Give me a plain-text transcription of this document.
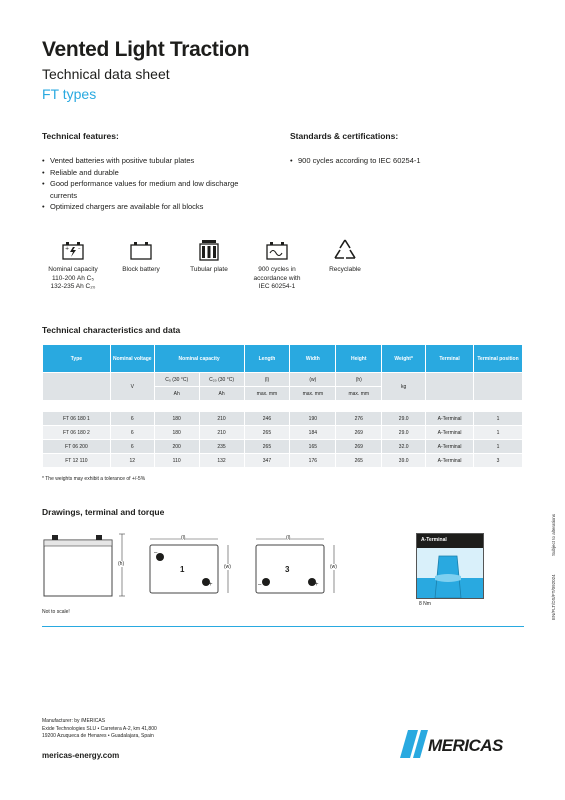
Vented Light Traction
Technical data sheet
FT types
Technical features:
• Vented batteries with positive tubular plates
• Reliable and durable
• Good performance values for medium and low discharge currents
• Optimized chargers are available for all blocks
Standards & certifications:
• 900 cycles according to IEC 60254-1
+ –
Nominal capacity
110-200 Ah C₅
132-235 Ah C₂₀
Block battery	Tubular plate	900 cycles in
accordance with
IEC 60254-1
Recyclable
Technical characteristics and data
Type	Nominal voltage	Nominal capacity		Length	Width	Height	Weight*	Terminal	Terminal position
	V	C₅ (30 °C)	C₂₀ (30 °C)	(l)	(w)	(h)	kg		
		Ah	Ah	max. mm	max. mm	max. mm			

FT 06 180 1	6	180	210	246	190	276	29.0	A-Terminal	1
FT 06 180 2	6	180	210	265	184	269	29.0	A-Terminal	1
FT 06 200	6	200	235	265	165	269	32.0	A-Terminal	1
FT 12 110	12	110	132	347	176	265	39.0	A-Terminal	3
* The weights may exhibit a tolerance of +/-5%
Drawings, terminal and torque
(h)
(l)
(w)
1
–
+
(l)
(w)
3
–	+
A-Terminal
8 Nm
Not to scale!
Subject to alterations
EN/FLT/DS/FT/092024
Manufacturer: by /MERICAS
Exide Technologies SLU • Carretera A-2, km 41,800
19200 Azuqueca de Henares • Guadalajara, Spain
mericas-energy.com
MERICAS
